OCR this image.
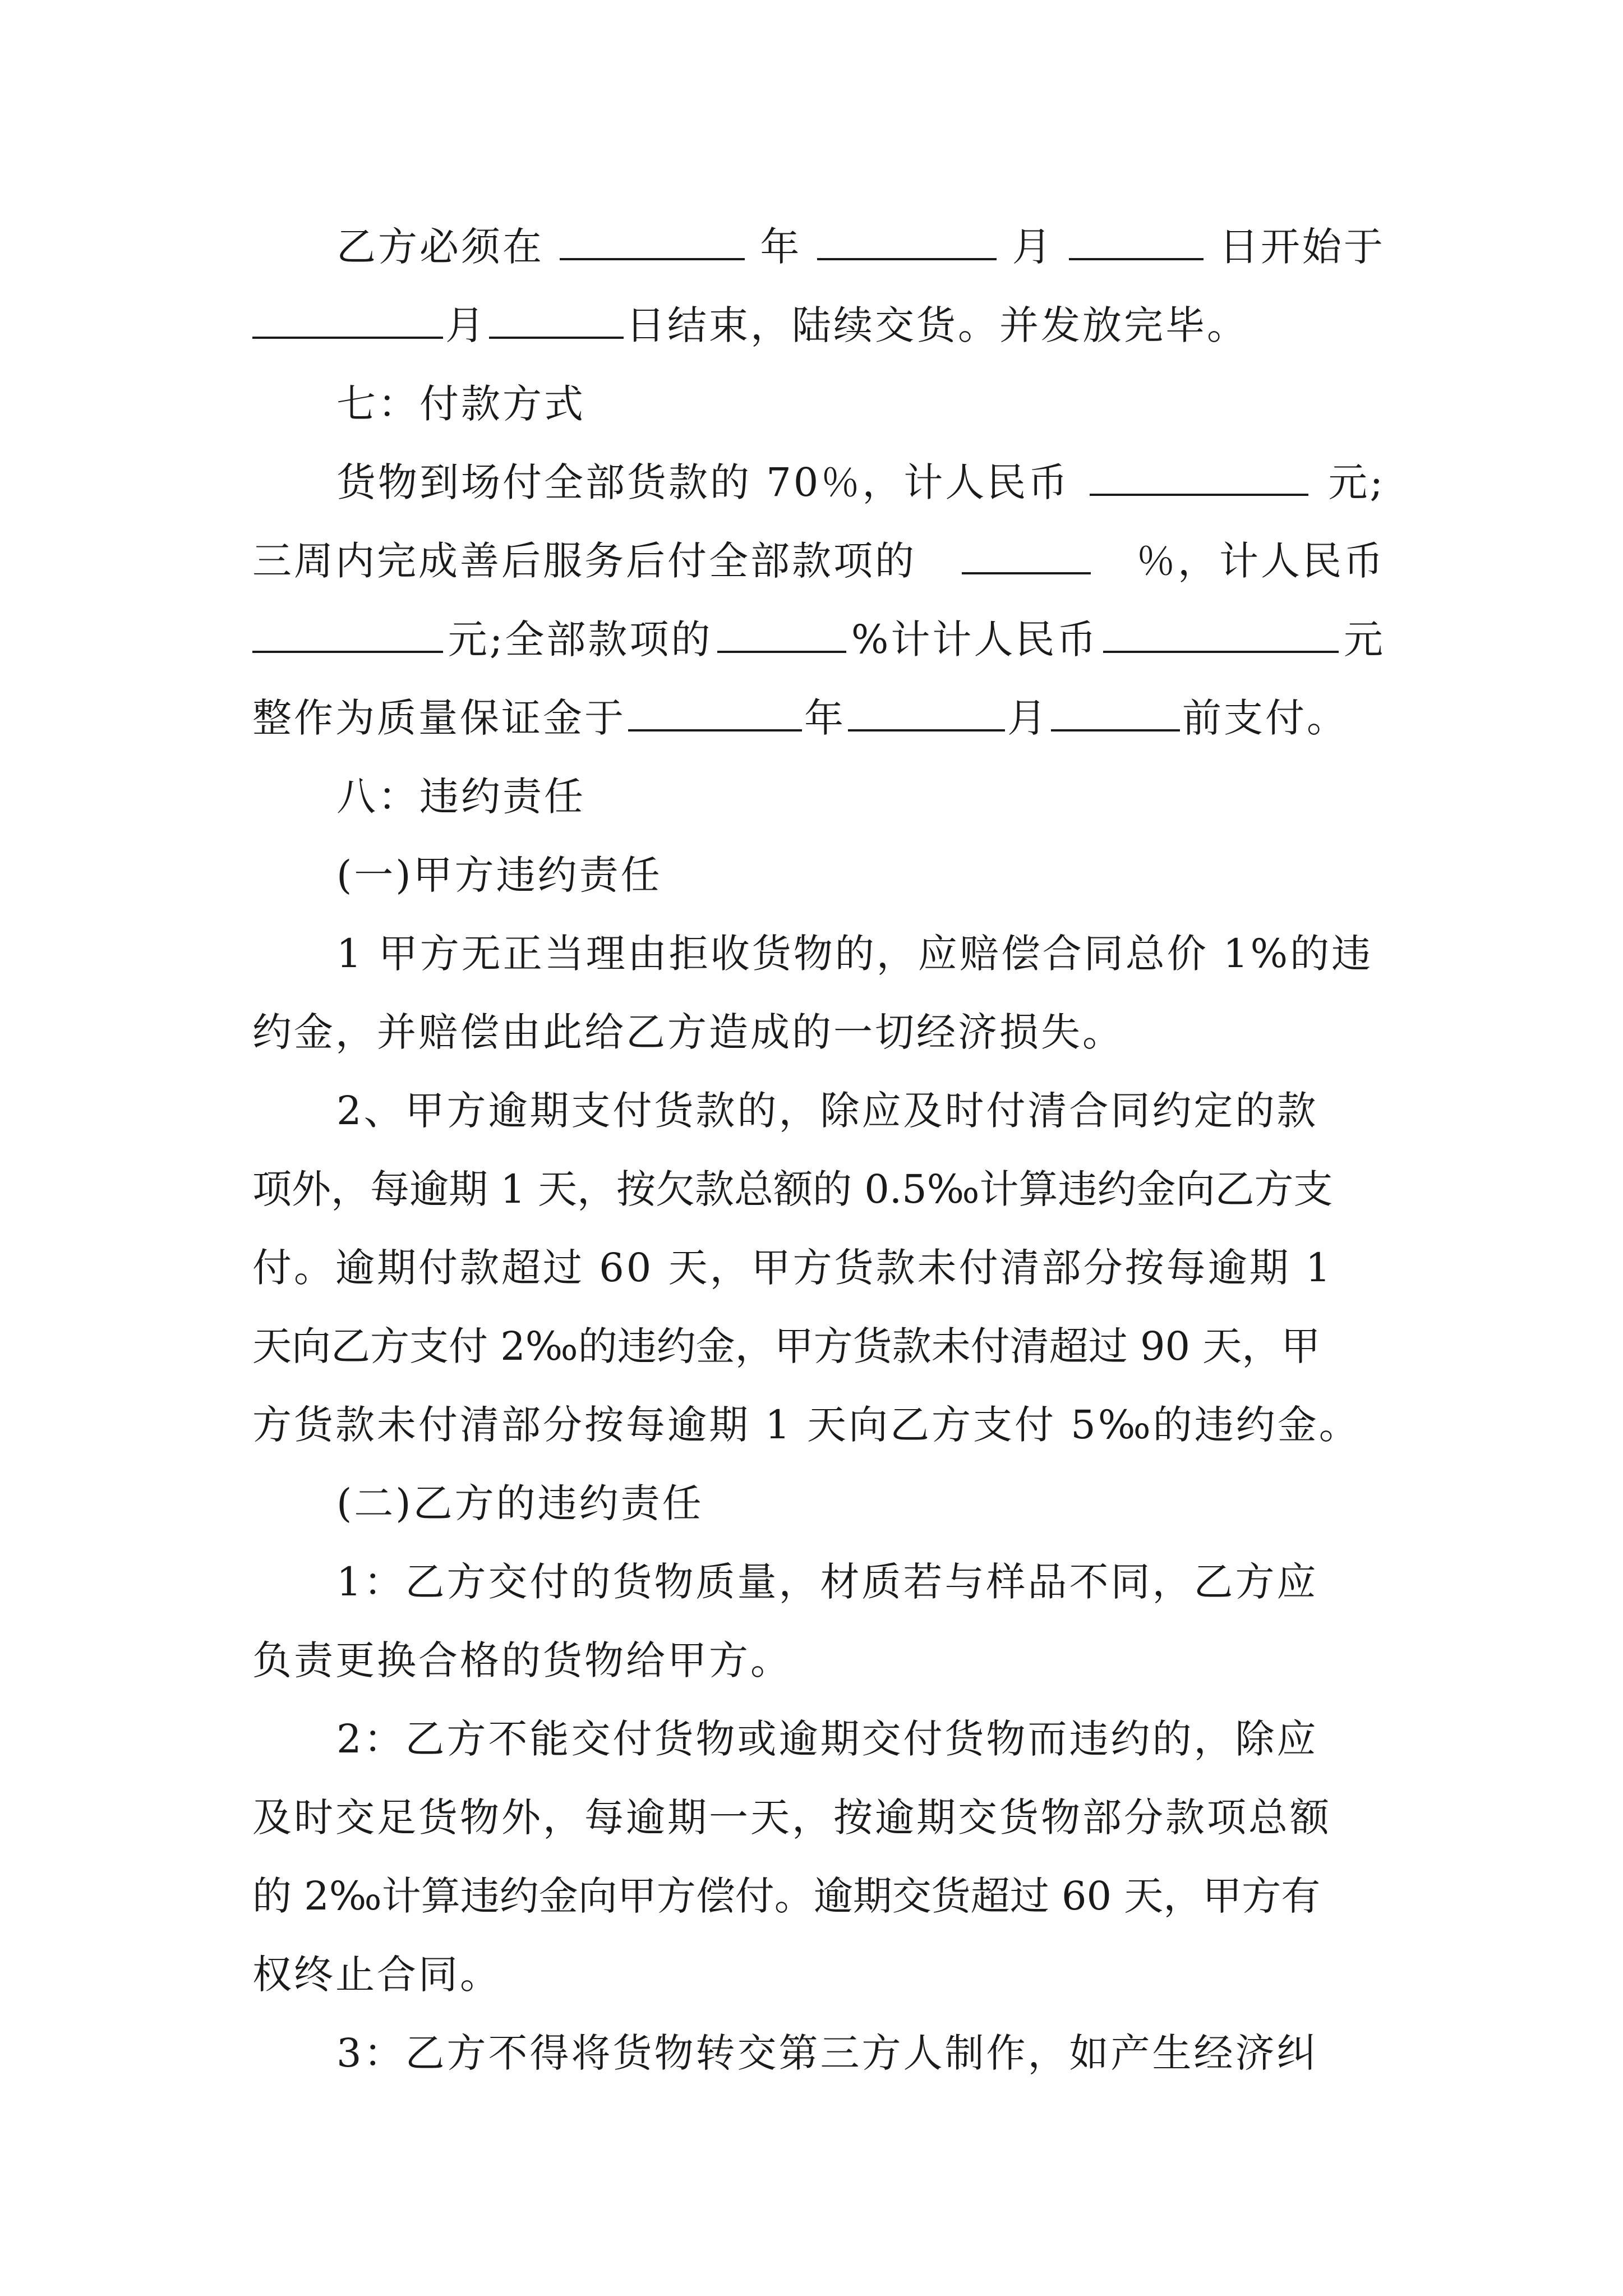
乙方必须在	年	月	日开始于
月	日结束，陆续交货。并发放完毕。
七：付款方式
货物到场付全部货款的 70％，计人民币	元;
三周内完成善后服务后付全部款项的	％，计人民币
元;全部款项的	%计计人民币	元
整作为质量保证金于	年	月	前支付。
八：违约责任
(一)甲方违约责任
1 甲方无正当理由拒收货物的，应赔偿合同总价 1%的违
约金，并赔偿由此给乙方造成的一切经济损失。
2、甲方逾期支付货款的，除应及时付清合同约定的款
项外，每逾期 1 天，按欠款总额的 0.5‰计算违约金向乙方支
付。逾期付款超过 60 天，甲方货款未付清部分按每逾期 1
天向乙方支付 2‰的违约金，甲方货款未付清超过 90 天，甲
方货款未付清部分按每逾期 1 天向乙方支付 5‰的违约金。
(二)乙方的违约责任
1：乙方交付的货物质量，材质若与样品不同，乙方应
负责更换合格的货物给甲方。
2：乙方不能交付货物或逾期交付货物而违约的，除应
及时交足货物外，每逾期一天，按逾期交货物部分款项总额
的 2‰计算违约金向甲方偿付。逾期交货超过 60 天，甲方有
权终止合同。
3：乙方不得将货物转交第三方人制作，如产生经济纠
